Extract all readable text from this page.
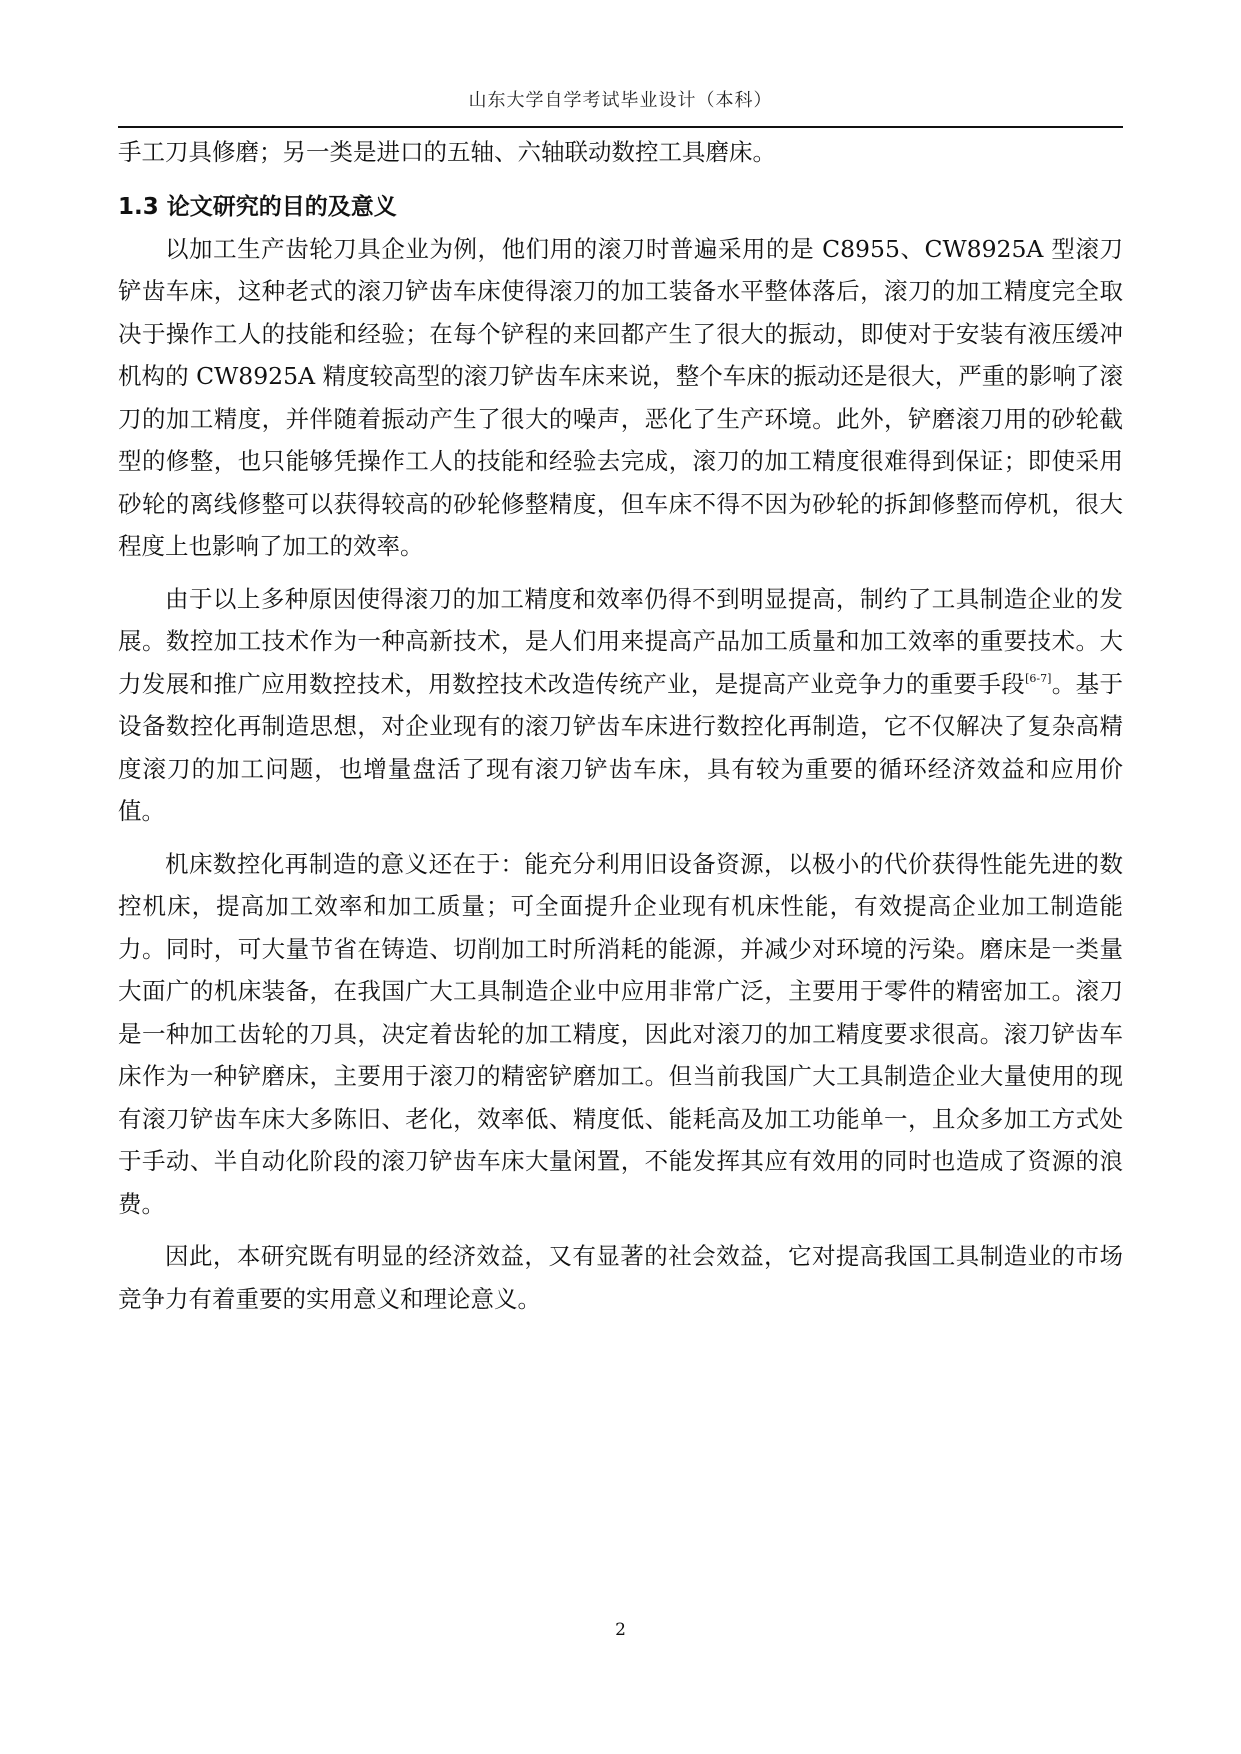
山东大学自学考试毕业设计（本科）

手工刀具修磨；另一类是进口的五轴、六轴联动数控工具磨床。

1.3 论文研究的目的及意义

以加工生产齿轮刀具企业为例，他们用的滚刀时普遍采用的是 C8955、CW8925A 型滚刀铲齿车床，这种老式的滚刀铲齿车床使得滚刀的加工装备水平整体落后，滚刀的加工精度完全取决于操作工人的技能和经验；在每个铲程的来回都产生了很大的振动，即使对于安装有液压缓冲机构的 CW8925A 精度较高型的滚刀铲齿车床来说，整个车床的振动还是很大，严重的影响了滚刀的加工精度，并伴随着振动产生了很大的噪声，恶化了生产环境。此外，铲磨滚刀用的砂轮截型的修整，也只能够凭操作工人的技能和经验去完成，滚刀的加工精度很难得到保证；即使采用砂轮的离线修整可以获得较高的砂轮修整精度，但车床不得不因为砂轮的拆卸修整而停机，很大程度上也影响了加工的效率。

由于以上多种原因使得滚刀的加工精度和效率仍得不到明显提高，制约了工具制造企业的发展。数控加工技术作为一种高新技术，是人们用来提高产品加工质量和加工效率的重要技术。大力发展和推广应用数控技术，用数控技术改造传统产业，是提高产业竞争力的重要手段[6-7]。基于设备数控化再制造思想，对企业现有的滚刀铲齿车床进行数控化再制造，它不仅解决了复杂高精度滚刀的加工问题，也增量盘活了现有滚刀铲齿车床，具有较为重要的循环经济效益和应用价值。

机床数控化再制造的意义还在于：能充分利用旧设备资源，以极小的代价获得性能先进的数控机床，提高加工效率和加工质量；可全面提升企业现有机床性能，有效提高企业加工制造能力。同时，可大量节省在铸造、切削加工时所消耗的能源，并减少对环境的污染。磨床是一类量大面广的机床装备，在我国广大工具制造企业中应用非常广泛，主要用于零件的精密加工。滚刀是一种加工齿轮的刀具，决定着齿轮的加工精度，因此对滚刀的加工精度要求很高。滚刀铲齿车床作为一种铲磨床，主要用于滚刀的精密铲磨加工。但当前我国广大工具制造企业大量使用的现有滚刀铲齿车床大多陈旧、老化，效率低、精度低、能耗高及加工功能单一，且众多加工方式处于手动、半自动化阶段的滚刀铲齿车床大量闲置，不能发挥其应有效用的同时也造成了资源的浪费。

因此，本研究既有明显的经济效益，又有显著的社会效益，它对提高我国工具制造业的市场竞争力有着重要的实用意义和理论意义。

2
